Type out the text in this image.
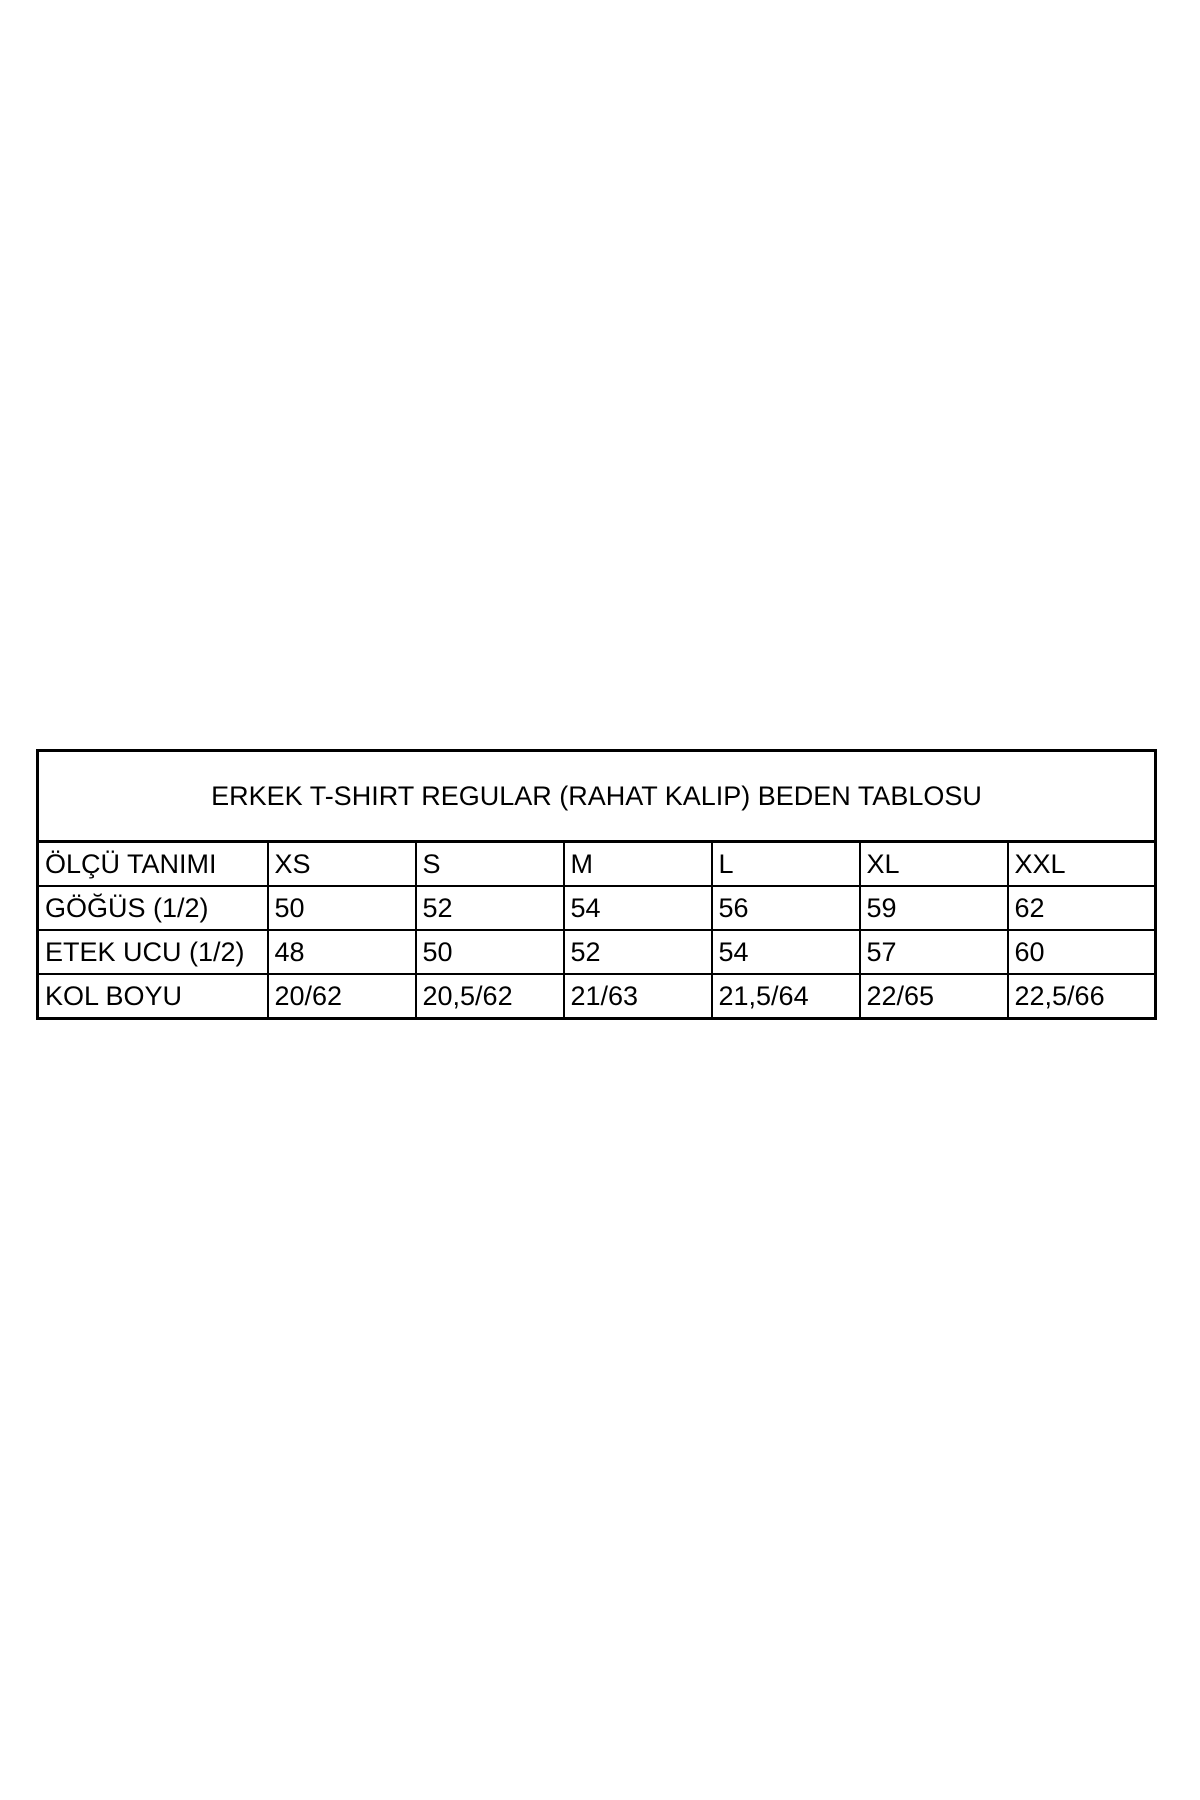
ERKEK T-SHIRT REGULAR (RAHAT KALIP) BEDEN TABLOSU						
ÖLÇÜ TANIMI	XS	S	M	L	XL	XXL
GÖĞÜS (1/2)	50	52	54	56	59	62
ETEK UCU (1/2)	48	50	52	54	57	60
KOL BOYU	20/62	20,5/62	21/63	21,5/64	22/65	22,5/66
